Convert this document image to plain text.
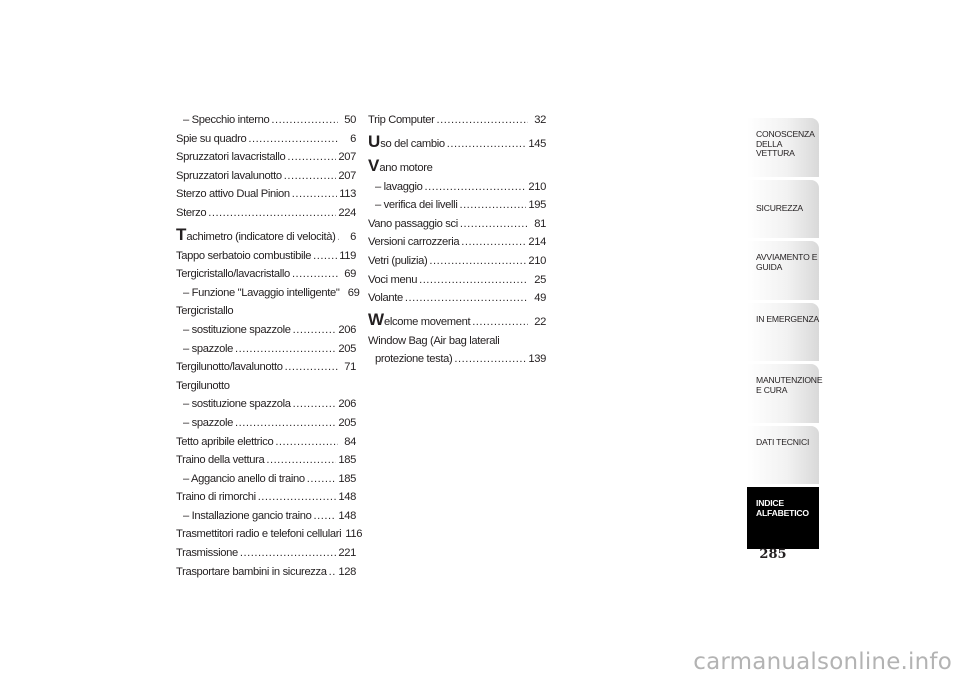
– Specchio interno .....	50
Spie su quadro .....	6
Spruzzatori lavacristallo .....	207
Spruzzatori lavalunotto .....	207
Sterzo attivo Dual Pinion .....	113
Sterzo .....	224
Tachimetro (indicatore di velocità) .....	6
Tappo serbatoio combustibile .....	119
Tergicristallo/lavacristallo .....	69
– Funzione "Lavaggio intelligente" 69
Tergicristallo
– sostituzione spazzole .....	206
– spazzole .....	205
Tergilunotto/lavalunotto .....	71
Tergilunotto
– sostituzione spazzola .....	206
– spazzole .....	205
Tetto apribile elettrico .....	84
Traino della vettura .....	185
– Aggancio anello di traino .....	185
Traino di rimorchi .....	148
– Installazione gancio traino ..... 148
Trasmettitori radio e telefoni cellulari 116
Trasmissione .....	221
Trasportare bambini in sicurezza ..... 128
Trip Computer .....	32
Uso del cambio .....	145
Vano motore
– lavaggio .....	210
– verifica dei livelli .....	195
Vano passaggio sci .....	81
Versioni carrozzeria .....	214
Vetri (pulizia) .....	210
Voci menu .....	25
Volante .....	49
Welcome movement .....	22
Window Bag (Air bag laterali
protezione testa) .....	139
CONOSCENZA DELLA VETTURA
SICUREZZA
AVVIAMENTO E GUIDA
IN EMERGENZA
MANUTENZIONE E CURA
DATI TECNICI
INDICE ALFABETICO
285
carmanualsonline.info
